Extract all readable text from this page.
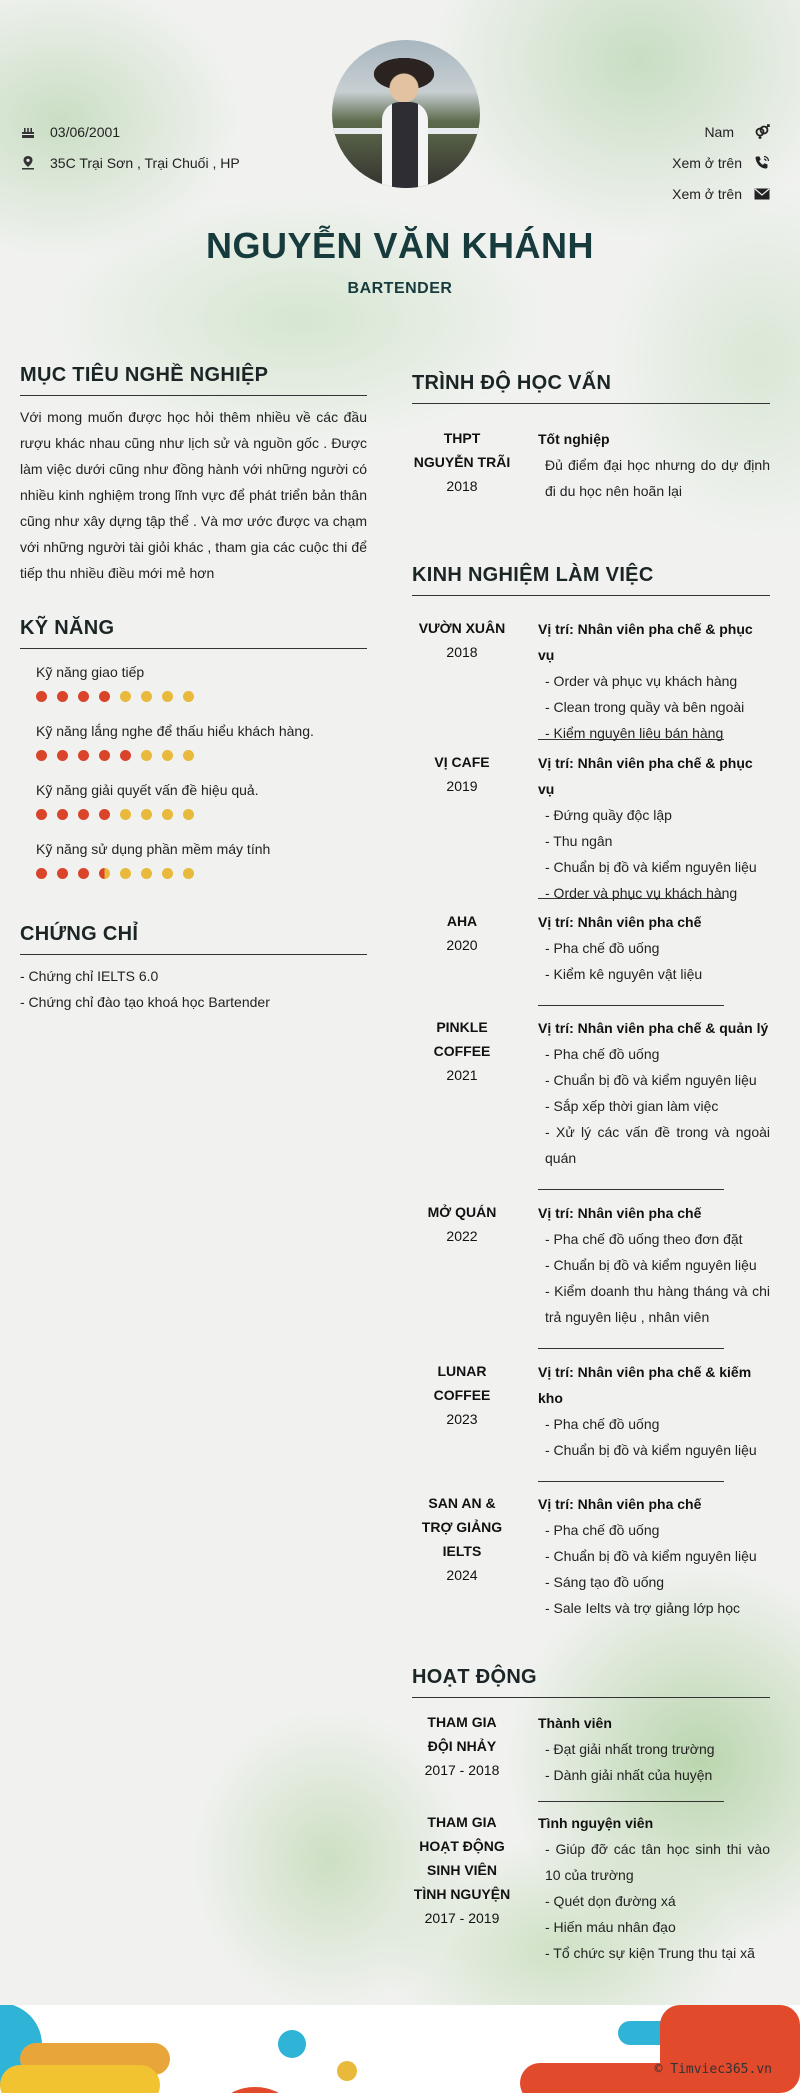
03/06/2001
35C Trại Sơn , Trại Chuối , HP
Nam
Xem ở trên
Xem ở trên
NGUYỄN VĂN KHÁNH
BARTENDER
MỤC TIÊU NGHỀ NGHIỆP
Với mong muốn được học hỏi thêm nhiều về các đầu rượu khác nhau cũng như lịch sử và nguồn gốc . Được làm việc dưới cũng như đồng hành với những người có nhiều kinh nghiệm trong lĩnh vực để phát triển bản thân cũng như xây dựng tập thể . Và mơ ước được va chạm với những người tài giỏi khác , tham gia các cuộc thi để tiếp thu nhiều điều mới mẻ hơn
KỸ NĂNG
Kỹ năng giao tiếp
Kỹ năng lắng nghe để thấu hiểu khách hàng.
Kỹ năng giải quyết vấn đề hiệu quả.
Kỹ năng sử dụng phần mềm máy tính
CHỨNG CHỈ
- Chứng chỉ IELTS 6.0
- Chứng chỉ đào tạo khoá học Bartender
TRÌNH ĐỘ HỌC VẤN
THPT
NGUYỄN TRÃI
2018
Tốt nghiệp
Đủ điểm đại học nhưng do dự định đi du học nên hoãn lại
KINH NGHIỆM LÀM VIỆC
VƯỜN XUÂN
2018
Vị trí: Nhân viên pha chế & phục vụ
- Order và phục vụ khách hàng
- Clean trong quầy và bên ngoài
- Kiểm nguyên liệu bán hàng
VỊ CAFE
2019
Vị trí: Nhân viên pha chế & phục vụ
- Đứng quầy độc lập
- Thu ngân
- Chuẩn bị đồ và kiểm nguyên liệu
- Order và phục vụ khách hàng
AHA
2020
Vị trí: Nhân viên pha chế
- Pha chế đồ uống
- Kiểm kê nguyên vật liệu
PINKLE
COFFEE
2021
Vị trí: Nhân viên pha chế & quản lý
- Pha chế đồ uống
- Chuẩn bị đồ và kiểm nguyên liệu
- Sắp xếp thời gian làm việc
- Xử lý các vấn đề trong và ngoài quán
MỞ QUÁN
2022
Vị trí: Nhân viên pha chế
- Pha chế đồ uống theo đơn đặt
- Chuẩn bị đồ và kiểm nguyên liệu
- Kiểm doanh thu hàng tháng và chi trả nguyên liệu , nhân viên
LUNAR
COFFEE
2023
Vị trí: Nhân viên pha chế & kiếm kho
- Pha chế đồ uống
- Chuẩn bị đồ và kiểm nguyên liệu
SAN AN &
TRỢ GIẢNG
IELTS
2024
Vị trí: Nhân viên pha chế
- Pha chế đồ uống
- Chuẩn bị đồ và kiểm nguyên liệu
- Sáng tạo đồ uống
- Sale Ielts và trợ giảng lớp học
HOẠT ĐỘNG
THAM GIA
ĐỘI NHẢY
2017 - 2018
Thành viên
- Đạt giải nhất trong trường
- Dành giải nhất của huyện
THAM GIA
HOẠT ĐỘNG
SINH VIÊN
TÌNH NGUYỆN
2017 - 2019
Tình nguyện viên
- Giúp đỡ các tân học sinh thi vào 10 của trường
- Quét dọn đường xá
- Hiến máu nhân đạo
- Tổ chức sự kiện Trung thu tại xã
© Timviec365.vn
